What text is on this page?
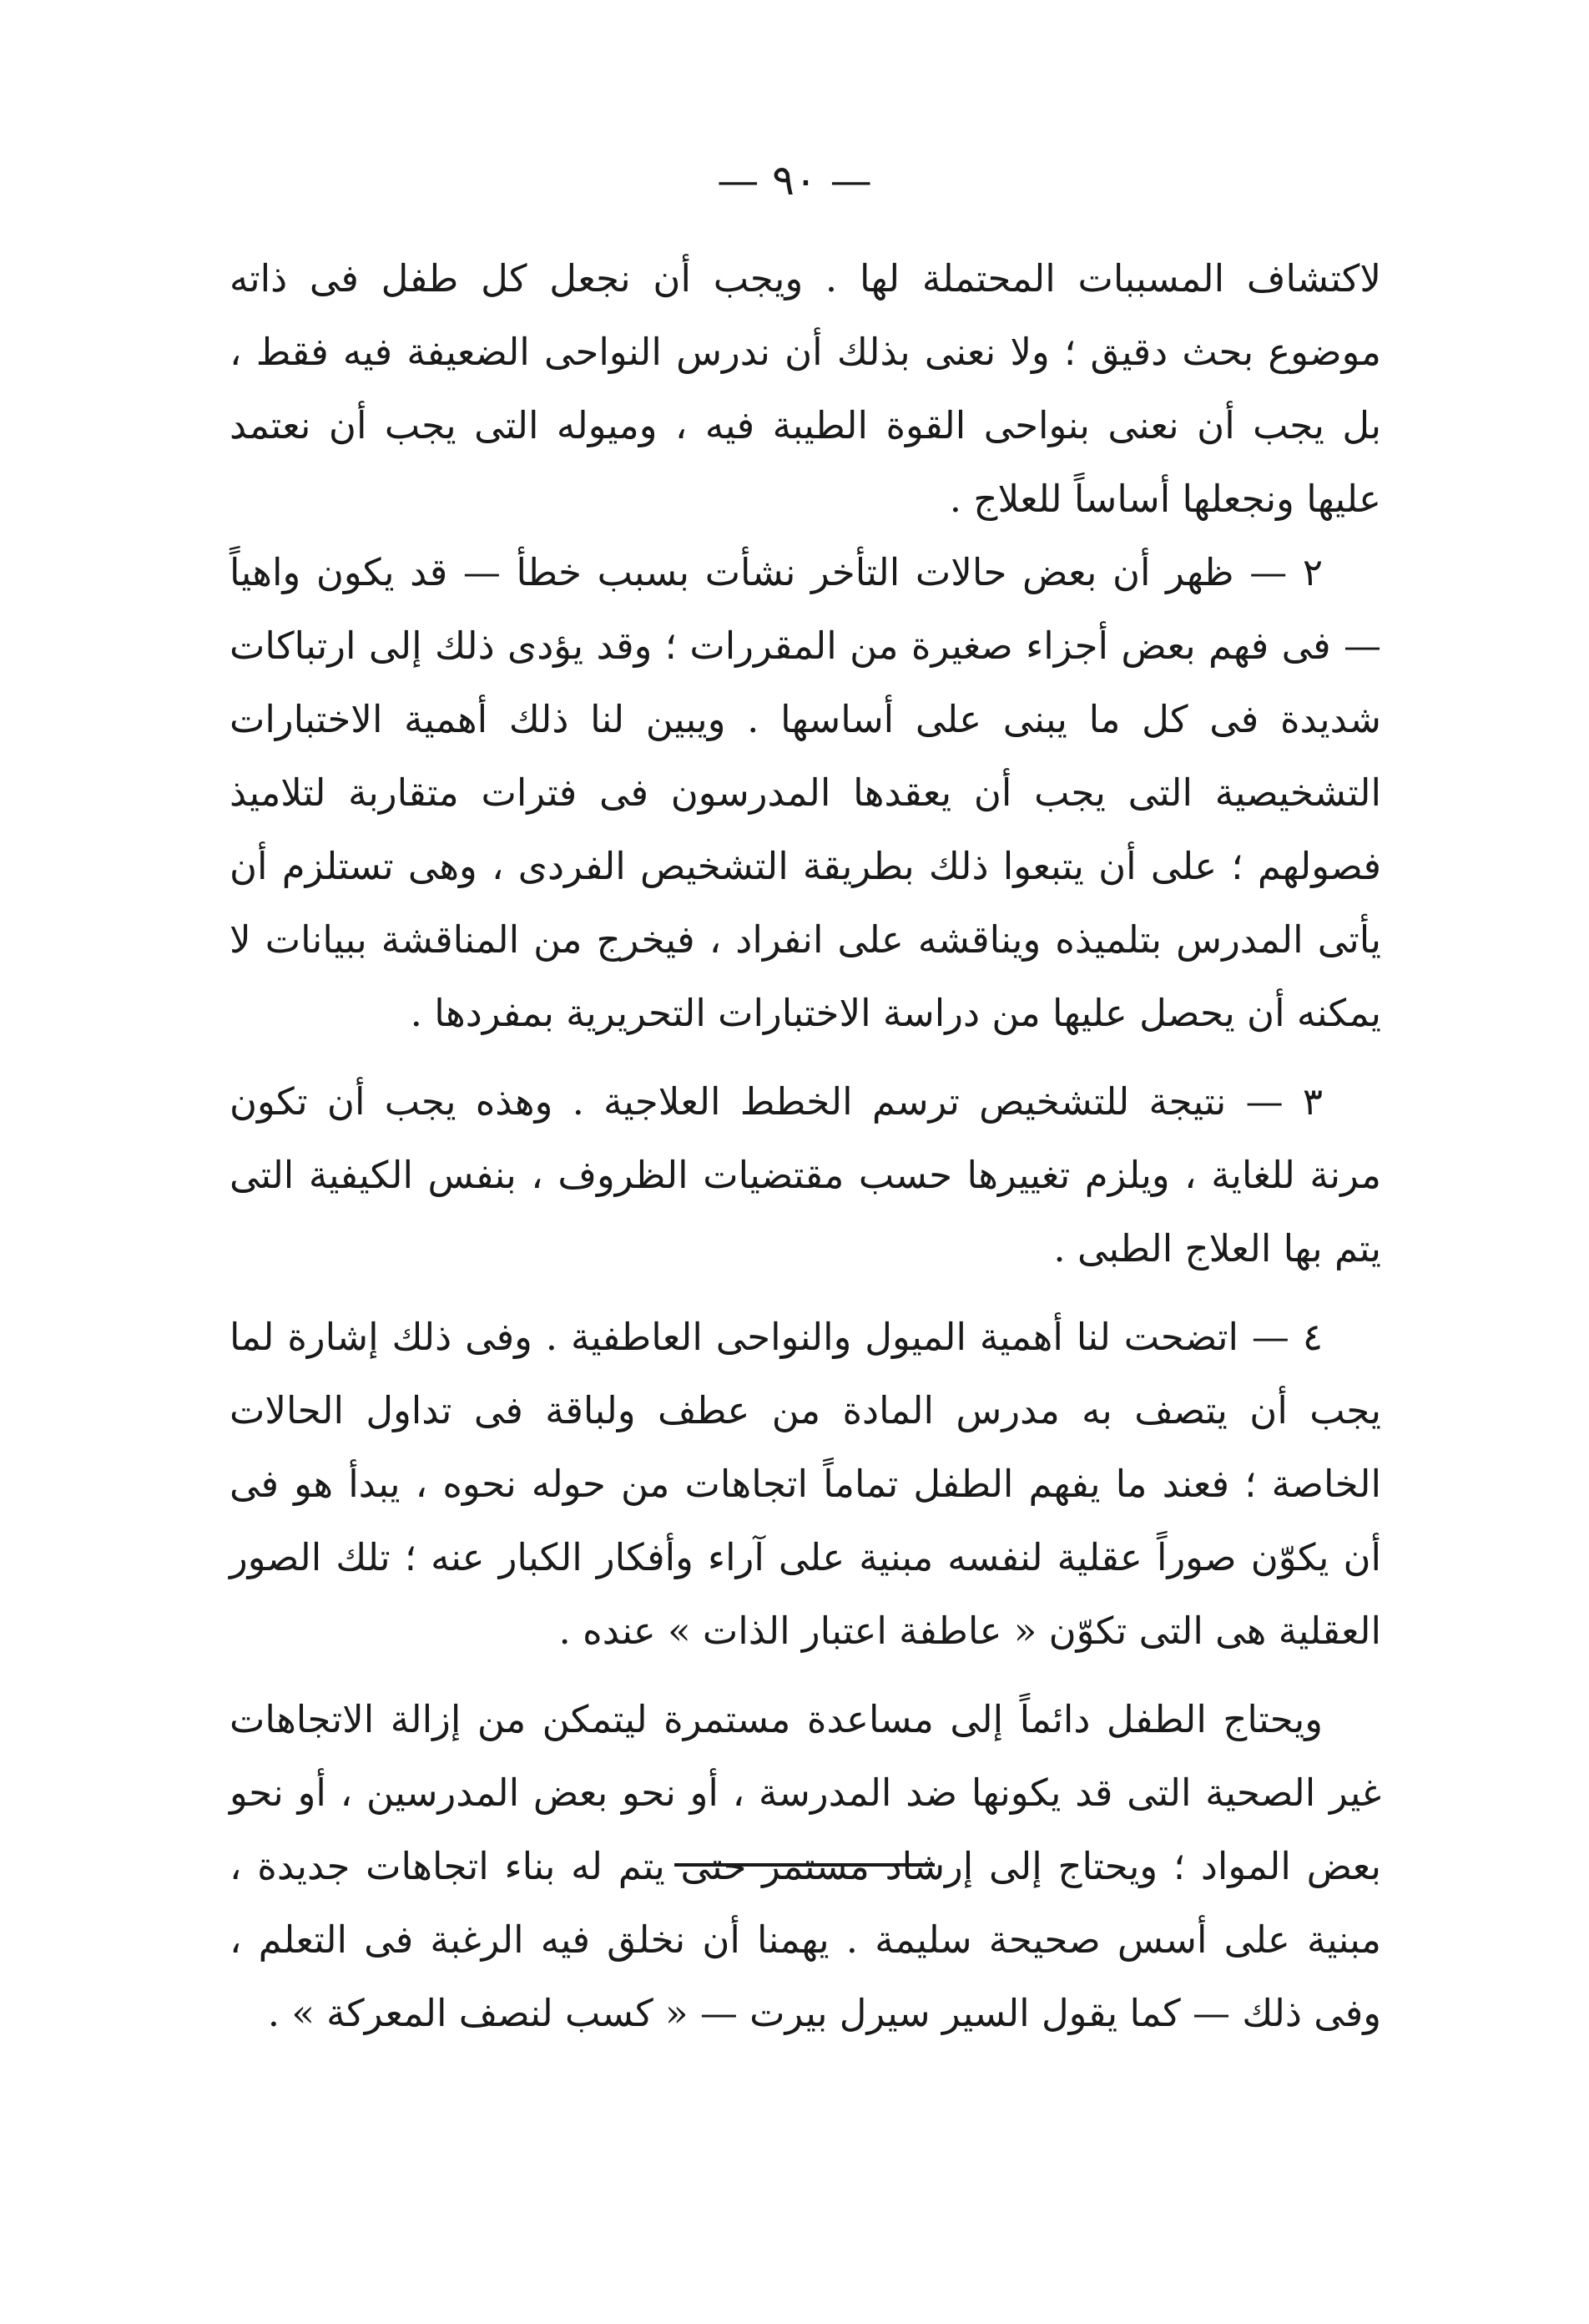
— ٩٠ —

لاكتشاف المسببات المحتملة لها . ويجب أن نجعل كل طفل فى ذاته موضوع بحث دقيق ؛ ولا نعنى بذلك أن ندرس النواحى الضعيفة فيه فقط ، بل يجب أن نعنى بنواحى القوة الطيبة فيه ، وميوله التى يجب أن نعتمد عليها ونجعلها أساساً للعلاج .

٢ — ظهر أن بعض حالات التأخر نشأت بسبب خطأ — قد يكون واهياً — فى فهم بعض أجزاء صغيرة من المقررات ؛ وقد يؤدى ذلك إلى ارتباكات شديدة فى كل ما يبنى على أساسها . ويبين لنا ذلك أهمية الاختبارات التشخيصية التى يجب أن يعقدها المدرسون فى فترات متقاربة لتلاميذ فصولهم ؛ على أن يتبعوا ذلك بطريقة التشخيص الفردى ، وهى تستلزم أن يأتى المدرس بتلميذه ويناقشه على انفراد ، فيخرج من المناقشة ببيانات لا يمكنه أن يحصل عليها من دراسة الاختبارات التحريرية بمفردها .

٣ — نتيجة للتشخيص ترسم الخطط العلاجية . وهذه يجب أن تكون مرنة للغاية ، ويلزم تغييرها حسب مقتضيات الظروف ، بنفس الكيفية التى يتم بها العلاج الطبى .

٤ — اتضحت لنا أهمية الميول والنواحى العاطفية . وفى ذلك إشارة لما يجب أن يتصف به مدرس المادة من عطف ولباقة فى تداول الحالات الخاصة ؛ فعند ما يفهم الطفل تماماً اتجاهات من حوله نحوه ، يبدأ هو فى أن يكوّن صوراً عقلية لنفسه مبنية على آراء وأفكار الكبار عنه ؛ تلك الصور العقلية هى التى تكوّن « عاطفة اعتبار الذات » عنده .

ويحتاج الطفل دائماً إلى مساعدة مستمرة ليتمكن من إزالة الاتجاهات غير الصحية التى قد يكونها ضد المدرسة ، أو نحو بعض المدرسين ، أو نحو بعض المواد ؛ ويحتاج إلى إرشاد مستمر حتى يتم له بناء اتجاهات جديدة ، مبنية على أسس صحيحة سليمة . يهمنا أن نخلق فيه الرغبة فى التعلم ، وفى ذلك — كما يقول السير سيرل بيرت — « كسب لنصف المعركة » .
